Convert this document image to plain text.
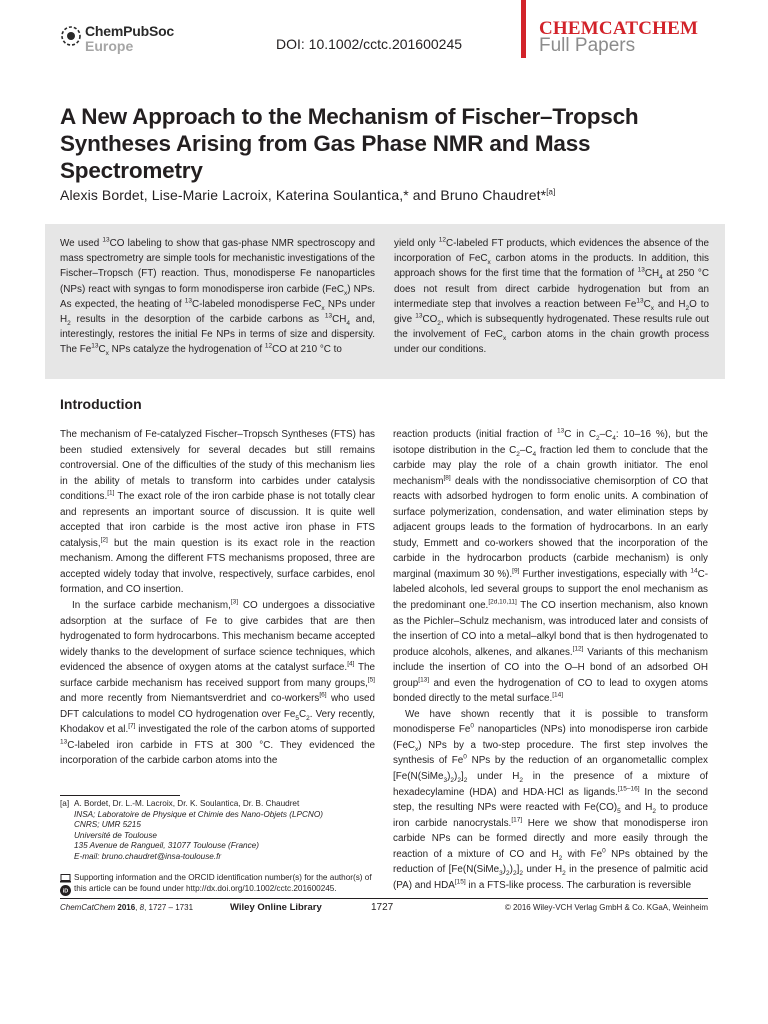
ChemPubSoc
Europe	DOI: 10.1002/cctc.201600245
CHEMCATCHEM
Full Papers
A New Approach to the Mechanism of Fischer–Tropsch Syntheses Arising from Gas Phase NMR and Mass Spectrometry
Alexis Bordet, Lise-Marie Lacroix, Katerina Soulantica,* and Bruno Chaudret*[a]
We used $^{13}$CO labeling to show that gas-phase NMR spectroscopy and mass spectrometry are simple tools for mechanistic investigations of the Fischer–Tropsch (FT) reaction. Thus, monodisperse Fe nanoparticles (NPs) react with syngas to form monodisperse iron carbide (FeC$_x$) NPs. As expected, the heating of $^{13}$C-labeled monodisperse FeC$_x$ NPs under $H_2$ results in the desorption of the carbide carbons as $^{13}CH_4$ and, interestingly, restores the initial Fe NPs in terms of size and dispersity. The $Fe^{13}C_x$ NPs catalyze the hydrogenation of $^{12}$CO at 210 °C to
yield only $^{12}$C-labeled FT products, which evidences the absence of the incorporation of FeC$_x$ carbon atoms in the products. In addition, this approach shows for the first time that the formation of $^{13}CH_4$ at 250 °C does not result from direct carbide hydrogenation but from an intermediate step that involves a reaction between $Fe^{13}C_x$ and $H_2O$ to give $^{13}CO_2$, which is subsequently hydrogenated. These results rule out the involvement of FeC$_x$ carbon atoms in the chain growth process under our conditions.
Introduction

The mechanism of Fe-catalyzed Fischer–Tropsch Syntheses (FTS) has been studied extensively for several decades but still remains controversial. One of the difficulties of the study of this mechanism lies in the ability of metals to transform into carbides under catalysis conditions.[1] The exact role of the iron carbide phase is not totally clear and represents an important source of discussion. It is quite well accepted that iron carbide is the most active iron phase in FTS catalysis,[2] but the main question is its exact role in the reaction mechanism. Among the different FTS mechanisms proposed, three are accepted widely today that involve, respectively, surface carbides, enol formation, and CO insertion.

In the surface carbide mechanism,[3] CO undergoes a dissociative adsorption at the surface of Fe to give carbides that are then hydrogenated to form hydrocarbons. This mechanism became accepted widely thanks to the development of surface science techniques, which evidenced the absence of oxygen atoms at the catalyst surface.[4] The surface carbide mechanism has received support from many groups,[5] and more recently from Niemantsverdriet and co-workers[6] who used DFT calculations to model CO hydrogenation over $Fe_5C_2$. Very recently, Khodakov et al.[7] investigated the role of the carbon atoms of supported $^{13}$C-labeled iron carbide in FTS at 300 °C. They evidenced the incorporation of the carbide carbon atoms into the

reaction products (initial fraction of $^{13}$C in $C_2-C_4$: 10–16 %), but the isotope distribution in the $C_2-C_4$ fraction led them to conclude that the carbide may play the role of a chain growth initiator. The enol mechanism[8] deals with the nondissociative chemisorption of CO that reacts with adsorbed hydrogen to form enolic units. A combination of surface polymerization, condensation, and water elimination steps by adjacent groups leads to the formation of hydrocarbons. In an early study, Emmett and co-workers showed that the incorporation of the carbide in the hydrocarbon products (carbide mechanism) is only marginal (maximum 30 %).[9] Further investigations, especially with $^{14}$C-labeled alcohols, led several groups to support the enol mechanism as the predominant one.[2d,10,11] The CO insertion mechanism, also known as the Pichler–Schulz mechanism, was introduced later and consists of the insertion of CO into a metal–alkyl bond that is then hydrogenated to produce alcohols, alkenes, and alkanes.[12] Variants of this mechanism include the insertion of CO into the O–H bond of an adsorbed OH group[13] and even the hydrogenation of CO to lead to oxygen atoms bonded directly to the metal surface.[14]

We have shown recently that it is possible to transform monodisperse Fe$^0$ nanoparticles (NPs) into monodisperse iron carbide (FeC$_x$) NPs by a two-step procedure. The first step involves the synthesis of Fe$^0$ NPs by the reduction of an organometallic complex $[Fe(N(SiMe_3)_2)_2]_2$ under $H_2$ in the presence of a mixture of hexadecylamine (HDA) and HDA·HCl as ligands.[15–16] In the second step, the resulting NPs were reacted with $Fe(CO)_5$ and $H_2$ to produce iron carbide nanocrystals.[17] Here we show that monodisperse iron carbide NPs can be formed directly and more easily through the reaction of a mixture of CO and $H_2$ with Fe$^0$ NPs obtained by the reduction of $[Fe(N(SiMe_3)_2)_2]_2$ under $H_2$ in the presence of palmitic acid (PA) and HDA[15] in a FTS-like process. The carburation is reversible

[a] A. Bordet, Dr. L.-M. Lacroix, Dr. K. Soulantica, Dr. B. Chaudret
INSA; Laboratoire de Physique et Chimie des Nano-Objets (LPCNO)
CNRS; UMR 5215
Université de Toulouse
135 Avenue de Rangueil, 31077 Toulouse (France)
E-mail: bruno.chaudret@insa-toulouse.fr
iD
Supporting information and the ORCID identification number(s) for the author(s) of this article can be found under http://dx.doi.org/10.1002/cctc.201600245.
ChemCatChem 2016, 8, 1727 – 1731	Wiley Online Library	1727	© 2016 Wiley-VCH Verlag GmbH & Co. KGaA, Weinheim
